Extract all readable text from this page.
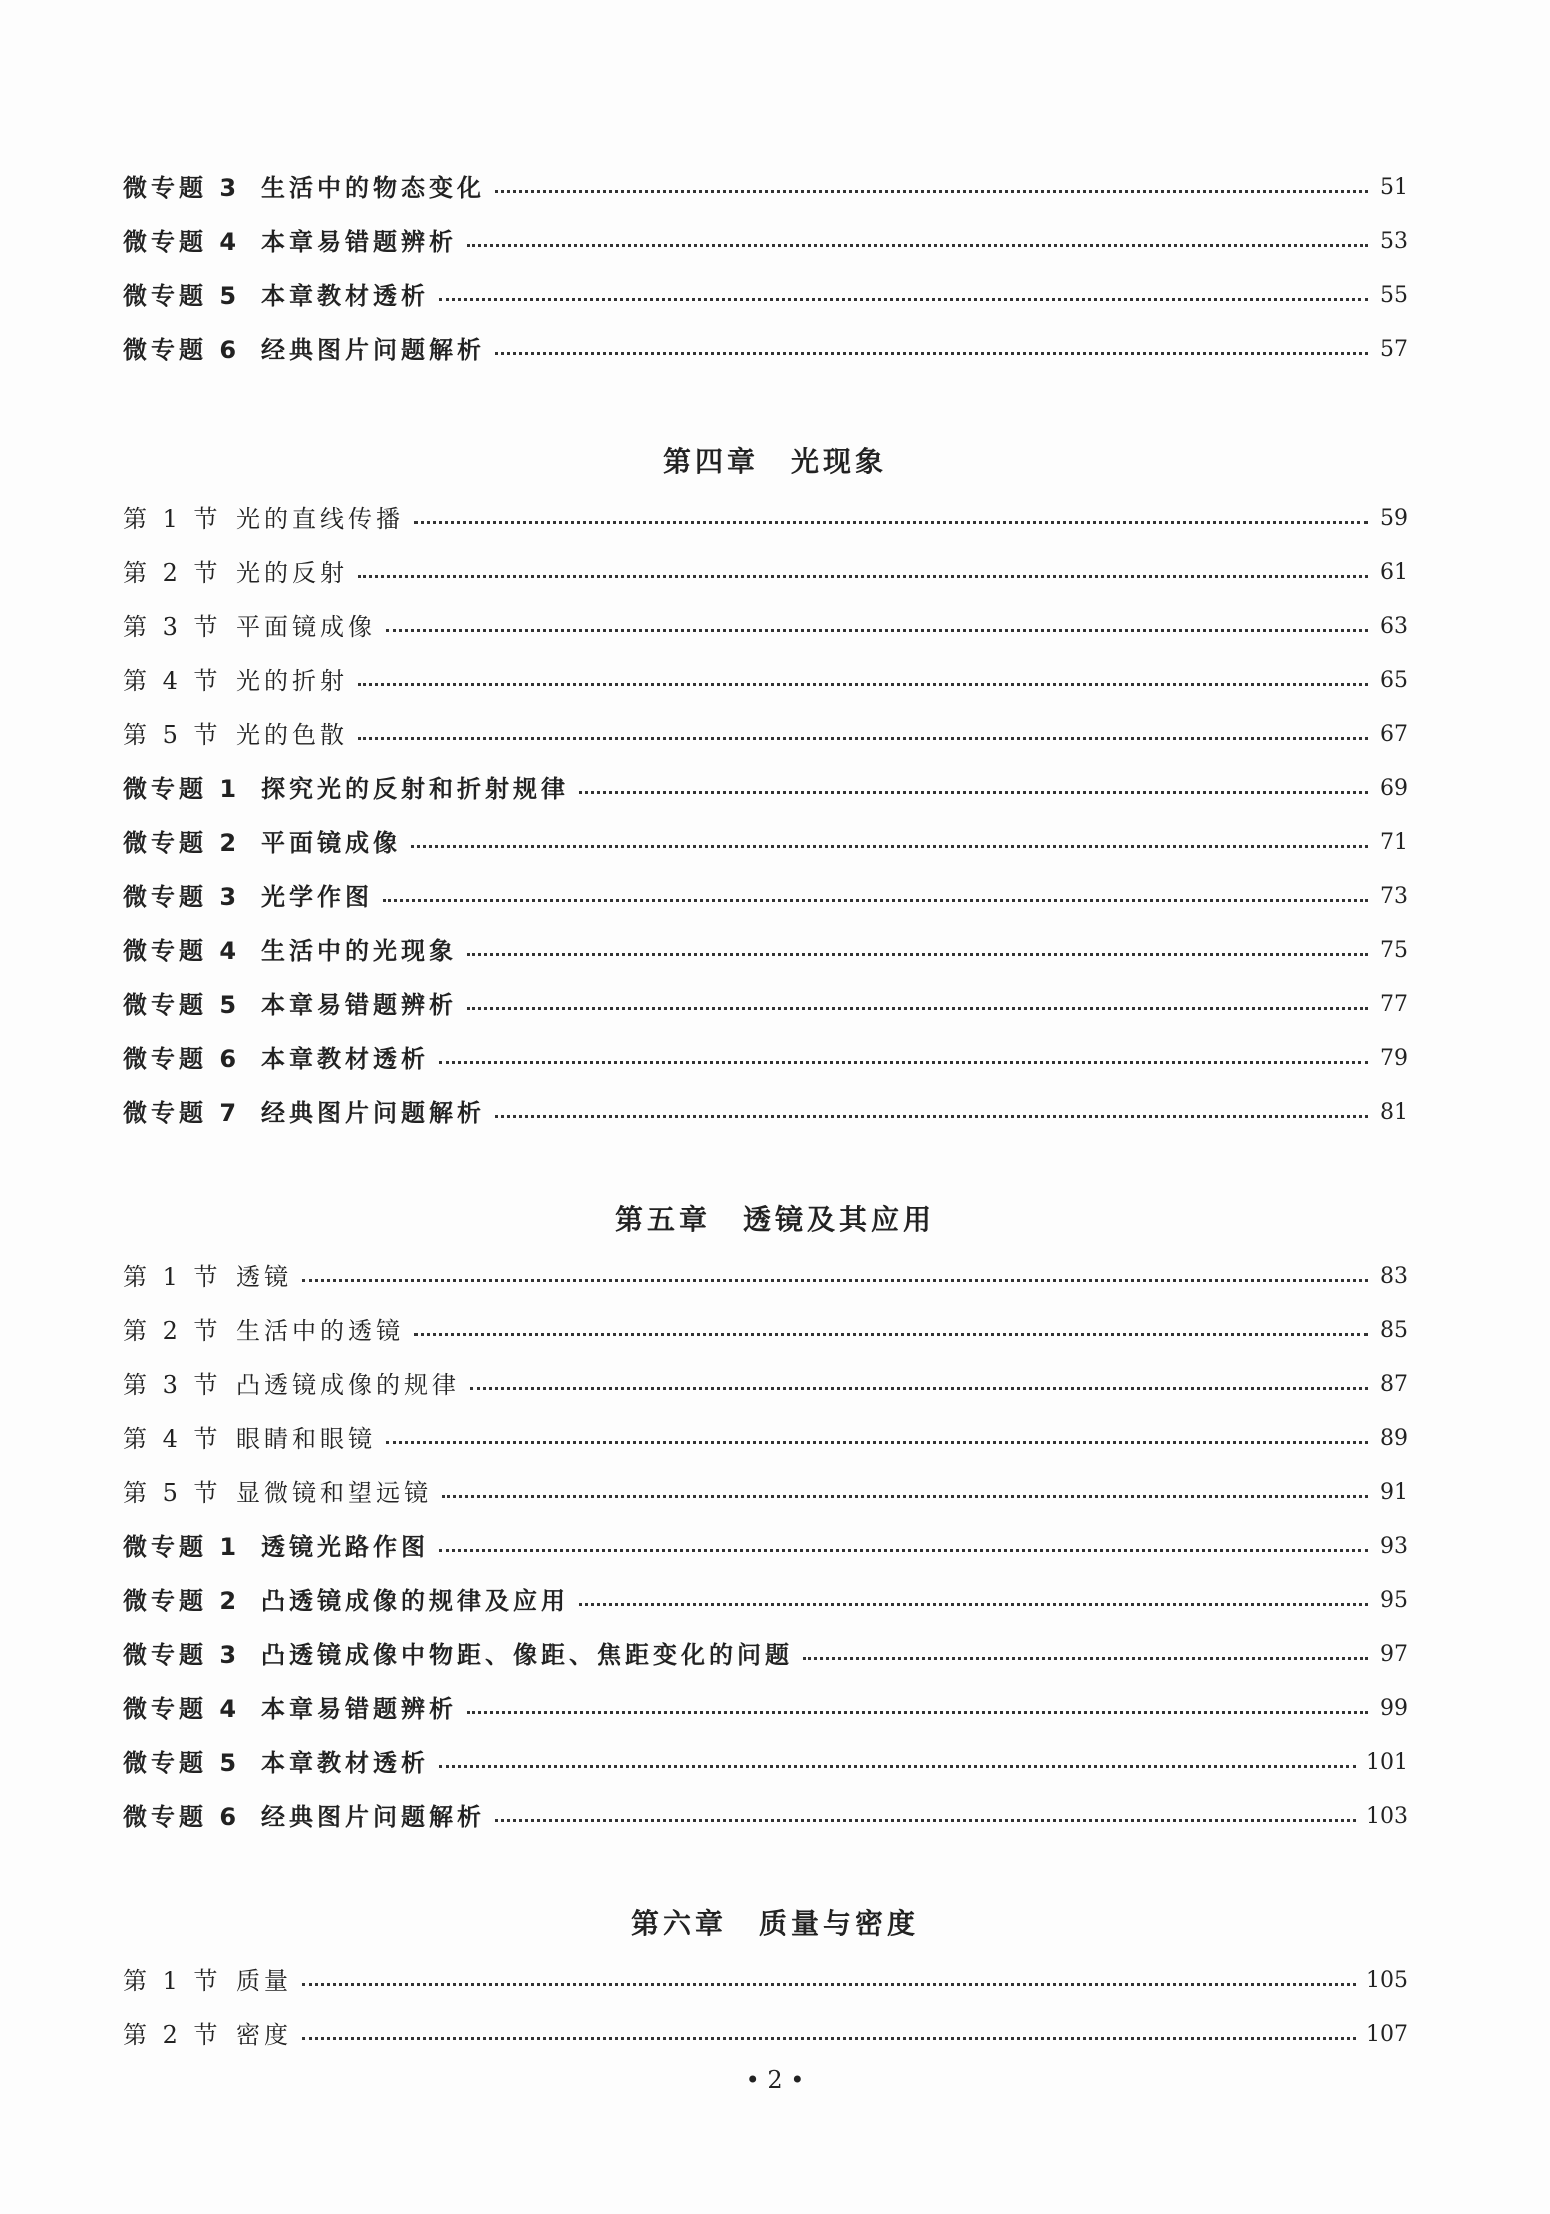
微专题 3 生活中的物态变化	51
微专题 4 本章易错题辨析	53
微专题 5 本章教材透析	55
微专题 6 经典图片问题解析	57
第四章 光现象
第 1 节 光的直线传播	59
第 2 节 光的反射	61
第 3 节 平面镜成像	63
第 4 节 光的折射	65
第 5 节 光的色散	67
微专题 1 探究光的反射和折射规律	69
微专题 2 平面镜成像	71
微专题 3 光学作图	73
微专题 4 生活中的光现象	75
微专题 5 本章易错题辨析	77
微专题 6 本章教材透析	79
微专题 7 经典图片问题解析	81
第五章 透镜及其应用
第 1 节 透镜	83
第 2 节 生活中的透镜	85
第 3 节 凸透镜成像的规律	87
第 4 节 眼睛和眼镜	89
第 5 节 显微镜和望远镜	91
微专题 1 透镜光路作图	93
微专题 2 凸透镜成像的规律及应用	95
微专题 3 凸透镜成像中物距、像距、焦距变化的问题	97
微专题 4 本章易错题辨析	99
微专题 5 本章教材透析	101
微专题 6 经典图片问题解析	103
第六章 质量与密度
第 1 节 质量	105
第 2 节 密度	107
• 2 •
